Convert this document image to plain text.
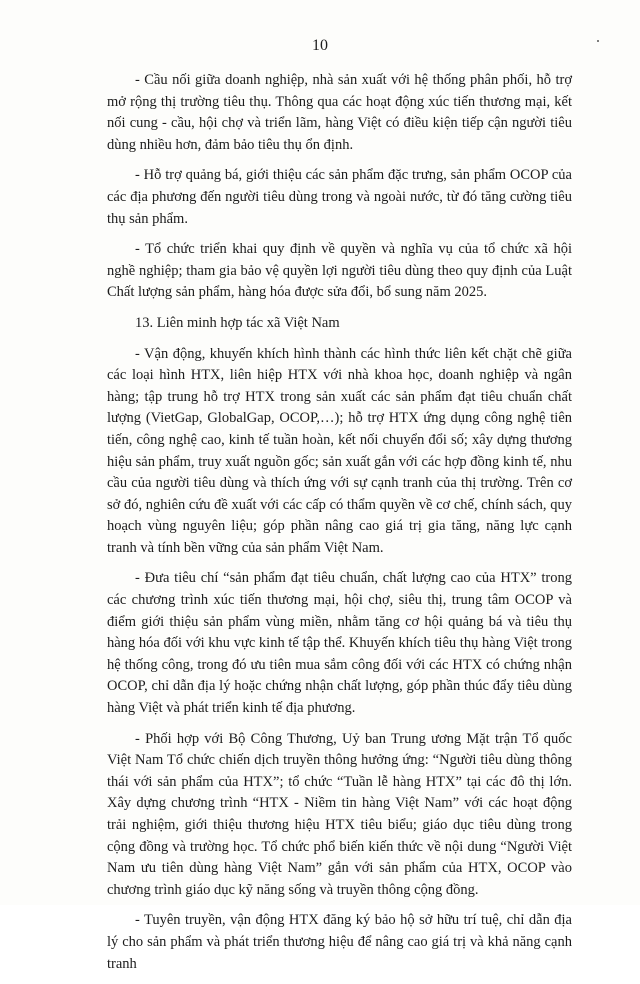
10

- Cầu nối giữa doanh nghiệp, nhà sản xuất với hệ thống phân phối, hỗ trợ mở rộng thị trường tiêu thụ. Thông qua các hoạt động xúc tiến thương mại, kết nối cung - cầu, hội chợ và triển lãm, hàng Việt có điều kiện tiếp cận người tiêu dùng nhiều hơn, đảm bảo tiêu thụ ổn định.

- Hỗ trợ quảng bá, giới thiệu các sản phẩm đặc trưng, sản phẩm OCOP của các địa phương đến người tiêu dùng trong và ngoài nước, từ đó tăng cường tiêu thụ sản phẩm.

- Tổ chức triển khai quy định về quyền và nghĩa vụ của tổ chức xã hội nghề nghiệp; tham gia bảo vệ quyền lợi người tiêu dùng theo quy định của Luật Chất lượng sản phẩm, hàng hóa được sửa đổi, bổ sung năm 2025.

13. Liên minh hợp tác xã Việt Nam

- Vận động, khuyến khích hình thành các hình thức liên kết chặt chẽ giữa các loại hình HTX, liên hiệp HTX với nhà khoa học, doanh nghiệp và ngân hàng; tập trung hỗ trợ HTX trong sản xuất các sản phẩm đạt tiêu chuẩn chất lượng (VietGap, GlobalGap, OCOP,…); hỗ trợ HTX ứng dụng công nghệ tiên tiến, công nghệ cao, kinh tế tuần hoàn, kết nối chuyển đổi số; xây dựng thương hiệu sản phẩm, truy xuất nguồn gốc; sản xuất gắn với các hợp đồng kinh tế, nhu cầu của người tiêu dùng và thích ứng với sự cạnh tranh của thị trường. Trên cơ sở đó, nghiên cứu đề xuất với các cấp có thẩm quyền về cơ chế, chính sách, quy hoạch vùng nguyên liệu; góp phần nâng cao giá trị gia tăng, năng lực cạnh tranh và tính bền vững của sản phẩm Việt Nam.

- Đưa tiêu chí “sản phẩm đạt tiêu chuẩn, chất lượng cao của HTX” trong các chương trình xúc tiến thương mại, hội chợ, siêu thị, trung tâm OCOP và điểm giới thiệu sản phẩm vùng miền, nhằm tăng cơ hội quảng bá và tiêu thụ hàng hóa đối với khu vực kinh tế tập thể. Khuyến khích tiêu thụ hàng Việt trong hệ thống công, trong đó ưu tiên mua sắm công đối với các HTX có chứng nhận OCOP, chỉ dẫn địa lý hoặc chứng nhận chất lượng, góp phần thúc đẩy tiêu dùng hàng Việt và phát triển kinh tế địa phương.

- Phối hợp với Bộ Công Thương, Uỷ ban Trung ương Mặt trận Tổ quốc Việt Nam Tổ chức chiến dịch truyền thông hưởng ứng: “Người tiêu dùng thông thái với sản phẩm của HTX”; tổ chức “Tuần lễ hàng HTX” tại các đô thị lớn. Xây dựng chương trình “HTX - Niềm tin hàng Việt Nam” với các hoạt động trải nghiệm, giới thiệu thương hiệu HTX tiêu biểu; giáo dục tiêu dùng trong cộng đồng và trường học. Tổ chức phổ biến kiến thức về nội dung “Người Việt Nam ưu tiên dùng hàng Việt Nam” gắn với sản phẩm của HTX, OCOP vào chương trình giáo dục kỹ năng sống và truyền thông cộng đồng.

- Tuyên truyền, vận động HTX đăng ký bảo hộ sở hữu trí tuệ, chỉ dẫn địa lý cho sản phẩm và phát triển thương hiệu để nâng cao giá trị và khả năng cạnh tranh
